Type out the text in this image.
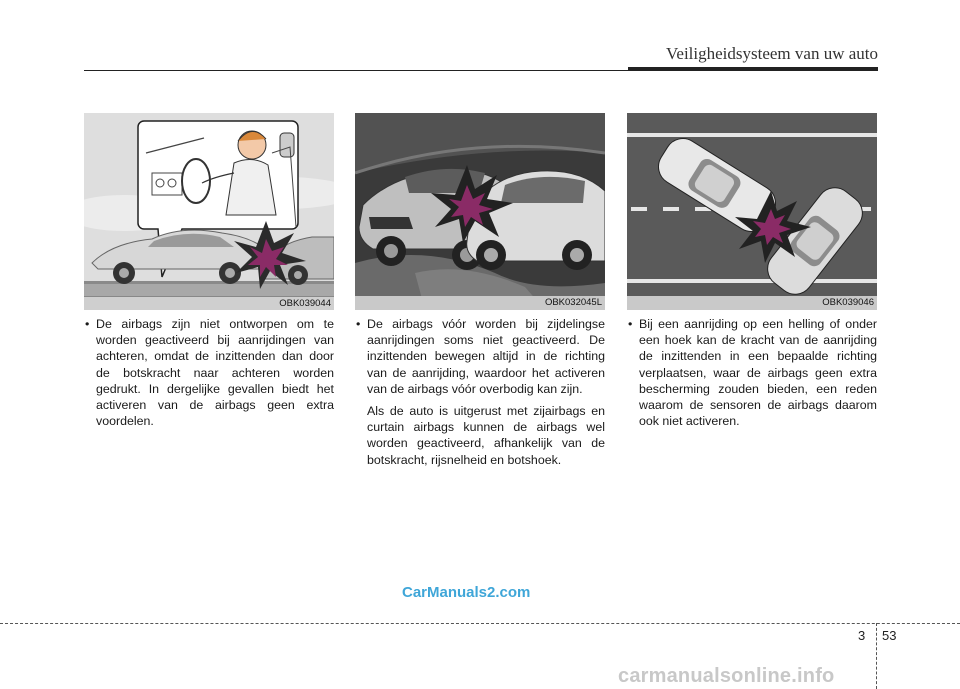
Veiligheidsysteem van uw auto
OBK039044	OBK032045L	OBK039046
• De airbags zijn niet ontworpen om te worden geactiveerd bij aanrijdingen van achteren, omdat de inzittenden dan door de botskracht naar achteren worden gedrukt. In dergelijke gevallen biedt het activeren van de airbags geen extra voordelen.
• De airbags vóór worden bij zijdelingse aanrijdingen soms niet geactiveerd. De inzittenden bewegen altijd in de richting van de aanrijding, waardoor het activeren van de airbags vóór overbodig kan zijn.
Als de auto is uitgerust met zijairbags en curtain airbags kunnen de airbags wel worden geactiveerd, afhankelijk van de botskracht, rijsnelheid en botshoek.
• Bij een aanrijding op een helling of onder een hoek kan de kracht van de aanrijding de inzittenden in een bepaalde richting verplaatsen, waar de airbags geen extra bescherming zouden bieden, een reden waarom de sensoren de airbags daarom ook niet activeren.
CarManuals2.com
3 53
carmanualsonline.info
